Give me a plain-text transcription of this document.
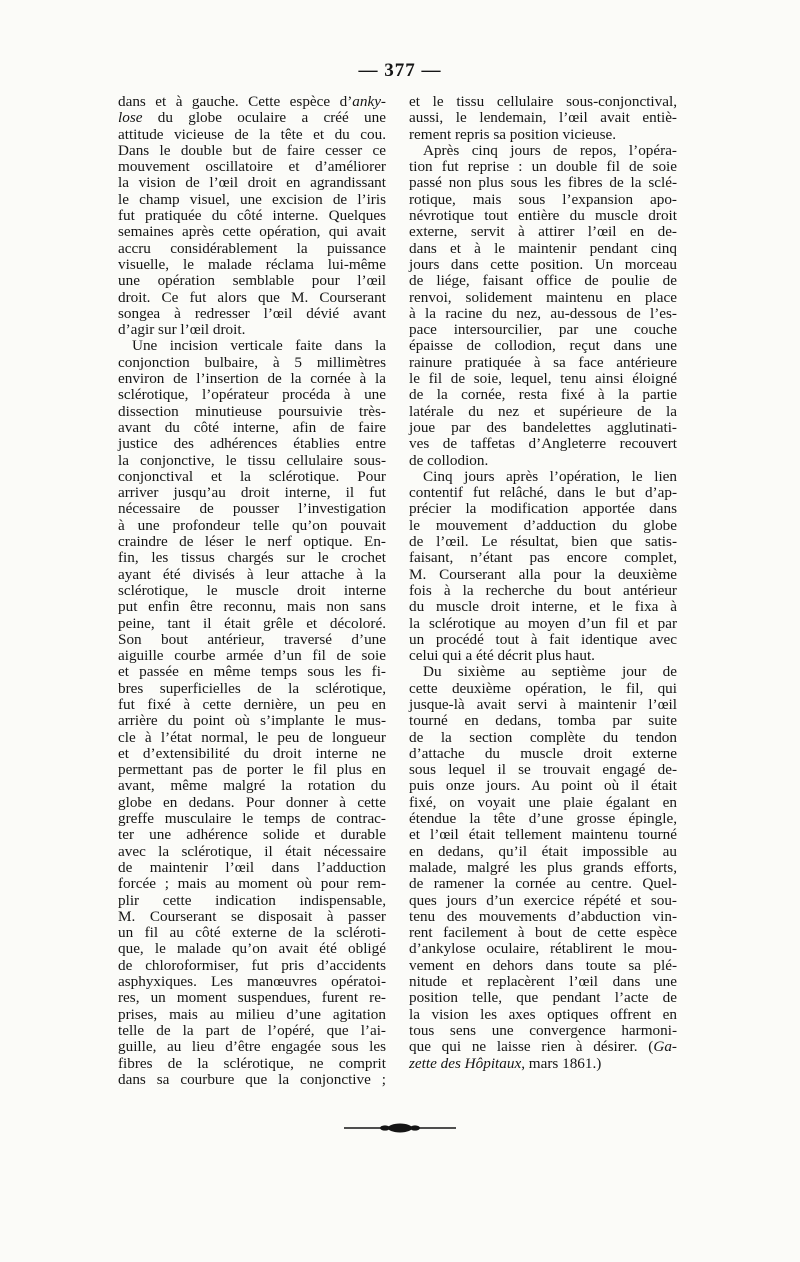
— 377 —
dans et à gauche. Cette espèce d’anky-
lose du globe oculaire a créé une
attitude vicieuse de la tête et du cou.
Dans le double but de faire cesser ce
mouvement oscillatoire et d’améliorer
la vision de l’œil droit en agrandissant
le champ visuel, une excision de l’iris
fut pratiquée du côté interne. Quelques
semaines après cette opération, qui avait
accru considérablement la puissance
visuelle, le malade réclama lui-même
une opération semblable pour l’œil
droit. Ce fut alors que M. Courserant
songea à redresser l’œil dévié avant
d’agir sur l’œil droit.
Une incision verticale faite dans la
conjonction bulbaire, à 5 millimètres
environ de l’insertion de la cornée à la
sclérotique, l’opérateur procéda à une
dissection minutieuse poursuivie très-
avant du côté interne, afin de faire
justice des adhérences établies entre
la conjonctive, le tissu cellulaire sous-
conjonctival et la sclérotique. Pour
arriver jusqu’au droit interne, il fut
nécessaire de pousser l’investigation
à une profondeur telle qu’on pouvait
craindre de léser le nerf optique. En-
fin, les tissus chargés sur le crochet
ayant été divisés à leur attache à la
sclérotique, le muscle droit interne
put enfin être reconnu, mais non sans
peine, tant il était grêle et décoloré.
Son bout antérieur, traversé d’une
aiguille courbe armée d’un fil de soie
et passée en même temps sous les fi-
bres superficielles de la sclérotique,
fut fixé à cette dernière, un peu en
arrière du point où s’implante le mus-
cle à l’état normal, le peu de longueur
et d’extensibilité du droit interne ne
permettant pas de porter le fil plus en
avant, même malgré la rotation du
globe en dedans. Pour donner à cette
greffe musculaire le temps de contrac-
ter une adhérence solide et durable
avec la sclérotique, il était nécessaire
de maintenir l’œil dans l’adduction
forcée ; mais au moment où pour rem-
plir cette indication indispensable,
M. Courserant se disposait à passer
un fil au côté externe de la scléroti-
que, le malade qu’on avait été obligé
de chloroformiser, fut pris d’accidents
asphyxiques. Les manœuvres opératoi-
res, un moment suspendues, furent re-
prises, mais au milieu d’une agitation
telle de la part de l’opéré, que l’ai-
guille, au lieu d’être engagée sous les
fibres de la sclérotique, ne comprit
dans sa courbure que la conjonctive ;
et le tissu cellulaire sous-conjonctival,
aussi, le lendemain, l’œil avait entiè-
rement repris sa position vicieuse.
Après cinq jours de repos, l’opéra-
tion fut reprise : un double fil de soie
passé non plus sous les fibres de la sclé-
rotique, mais sous l’expansion apo-
névrotique tout entière du muscle droit
externe, servit à attirer l’œil en de-
dans et à le maintenir pendant cinq
jours dans cette position. Un morceau
de liége, faisant office de poulie de
renvoi, solidement maintenu en place
à la racine du nez, au-dessous de l’es-
pace intersourcilier, par une couche
épaisse de collodion, reçut dans une
rainure pratiquée à sa face antérieure
le fil de soie, lequel, tenu ainsi éloigné
de la cornée, resta fixé à la partie
latérale du nez et supérieure de la
joue par des bandelettes agglutinati-
ves de taffetas d’Angleterre recouvert
de collodion.
Cinq jours après l’opération, le lien
contentif fut relâché, dans le but d’ap-
précier la modification apportée dans
le mouvement d’adduction du globe
de l’œil. Le résultat, bien que satis-
faisant, n’étant pas encore complet,
M. Courserant alla pour la deuxième
fois à la recherche du bout antérieur
du muscle droit interne, et le fixa à
la sclérotique au moyen d’un fil et par
un procédé tout à fait identique avec
celui qui a été décrit plus haut.
Du sixième au septième jour de
cette deuxième opération, le fil, qui
jusque-là avait servi à maintenir l’œil
tourné en dedans, tomba par suite
de la section complète du tendon
d’attache du muscle droit externe
sous lequel il se trouvait engagé de-
puis onze jours. Au point où il était
fixé, on voyait une plaie égalant en
étendue la tête d’une grosse épingle,
et l’œil était tellement maintenu tourné
en dedans, qu’il était impossible au
malade, malgré les plus grands efforts,
de ramener la cornée au centre. Quel-
ques jours d’un exercice répété et sou-
tenu des mouvements d’abduction vin-
rent facilement à bout de cette espèce
d’ankylose oculaire, rétablirent le mou-
vement en dehors dans toute sa plé-
nitude et replacèrent l’œil dans une
position telle, que pendant l’acte de
la vision les axes optiques offrent en
tous sens une convergence harmoni-
que qui ne laisse rien à désirer. (Ga-
zette des Hôpitaux, mars 1861.)
